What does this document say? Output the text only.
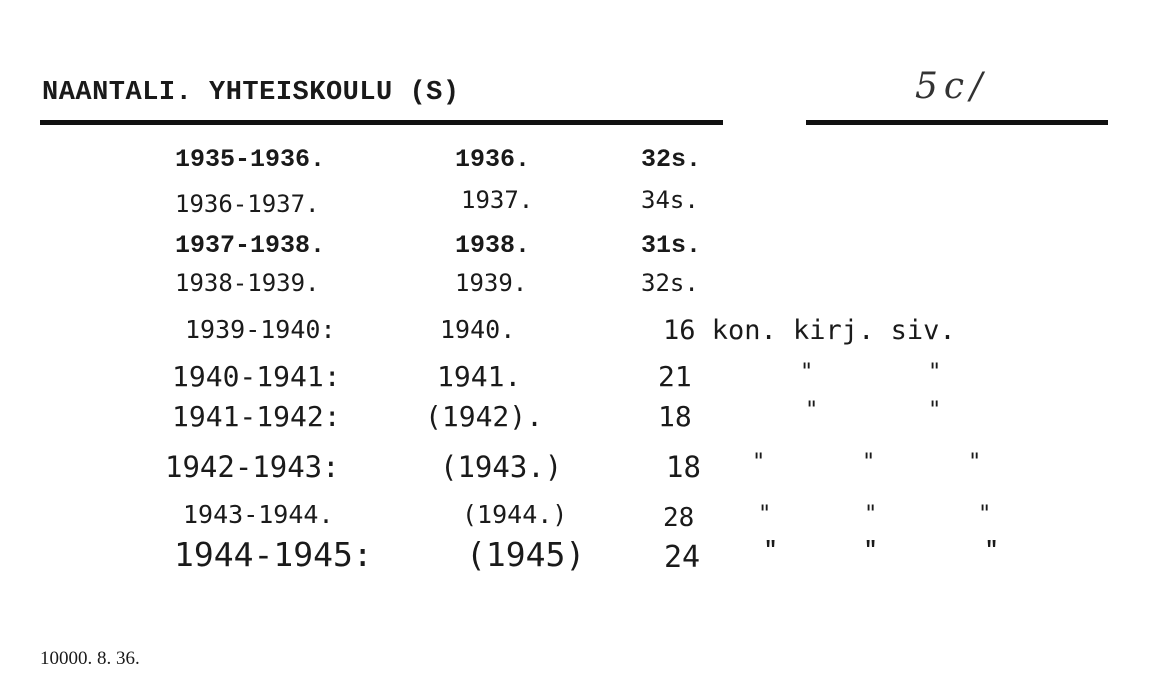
NAANTALI. YHTEISKOULU (S)	5c/
1935-1936.	1936.	32s.
1936-1937.	1937.	34s.
1937-1938.	1938.	31s.
1938-1939.	1939.	32s.
1939-1940:	1940.	16 kon. kirj. siv.
1940-1941:	1941.	21	"	"
1941-1942:	(1942).	18	"	"
1942-1943:	(1943.)	18 "	"	"
1943-1944.	(1944.)	28	"	"	"
1944-1945:	(1945)	24	"	"	"
10000. 8. 36.
